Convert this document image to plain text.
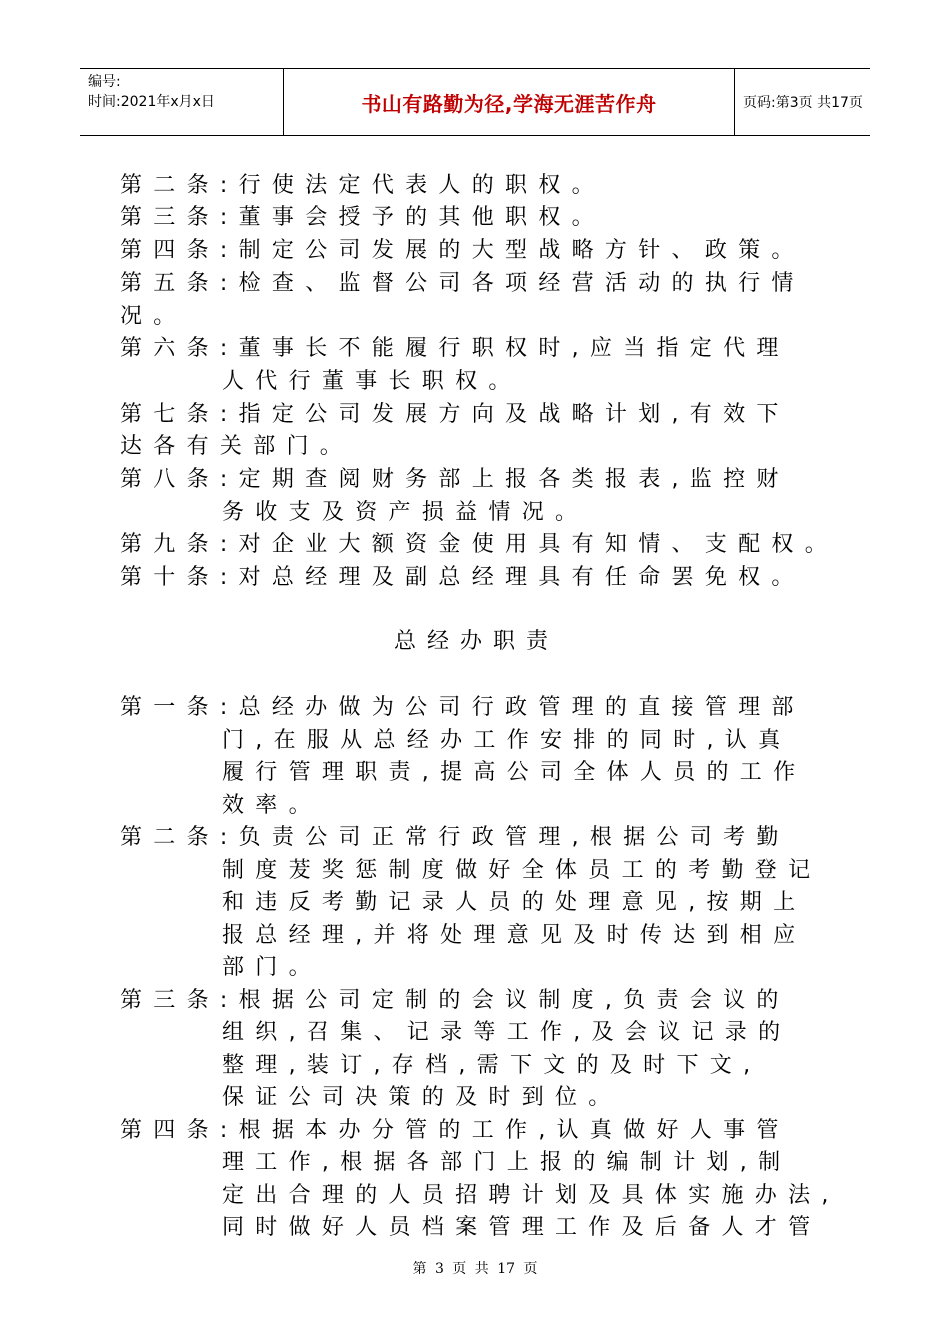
编号:
时间:2021年x月x日	书山有路勤为径,学海无涯苦作舟	页码:第3页 共17页
第二条:行使法定代表人的职权。
第三条:董事会授予的其他职权。
第四条:制定公司发展的大型战略方针、政策。
第五条:检查、监督公司各项经营活动的执行情
况。
第六条:董事长不能履行职权时,应当指定代理
人代行董事长职权。
第七条:指定公司发展方向及战略计划,有效下
达各有关部门。
第八条:定期查阅财务部上报各类报表,监控财
务收支及资产损益情况。
第九条:对企业大额资金使用具有知情、支配权。
第十条:对总经理及副总经理具有任命罢免权。
总经办职责
第一条:总经办做为公司行政管理的直接管理部
门,在服从总经办工作安排的同时,认真
履行管理职责,提高公司全体人员的工作
效率。
第二条:负责公司正常行政管理,根据公司考勤
制度茇奖惩制度做好全体员工的考勤登记
和违反考勤记录人员的处理意见,按期上
报总经理,并将处理意见及时传达到相应
部门。
第三条:根据公司定制的会议制度,负责会议的
组织,召集、记录等工作,及会议记录的
整理,装订,存档,需下文的及时下文,
保证公司决策的及时到位。
第四条:根据本办分管的工作,认真做好人事管
理工作,根据各部门上报的编制计划,制
定出合理的人员招聘计划及具体实施办法,
同时做好人员档案管理工作及后备人才管
第 3 页 共 17 页
